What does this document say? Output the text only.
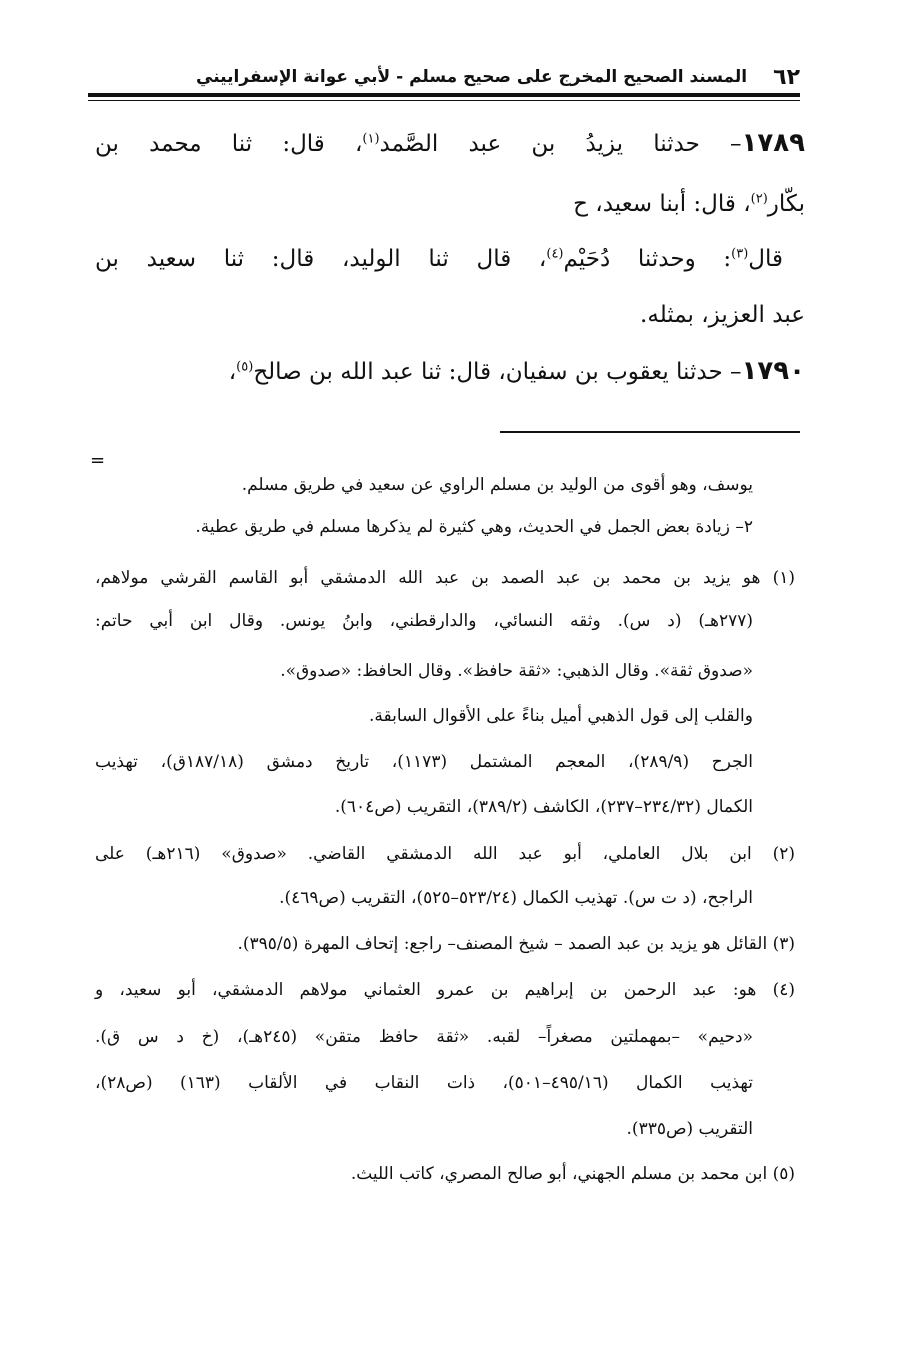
٦٢
المسند الصحيح المخرج على صحيح مسلم - لأبي عوانة الإسفراييني
١٧٨٩– حدثنا يزيدُ بن عبد الصَّمد$^{(١)}$، قال: ثنا محمد بن
بكّار$^{(٢)}$، قال: أبنا سعيد، ح
قال$^{(٣)}$: وحدثنا دُحَيْم$^{(٤)}$، قال ثنا الوليد، قال: ثنا سعيد بن
عبد العزيز، بمثله.
١٧٩٠– حدثنا يعقوب بن سفيان، قال: ثنا عبد الله بن صالح$^{(٥)}$،
=
يوسف، وهو أقوى من الوليد بن مسلم الراوي عن سعيد في طريق مسلم.
٢– زيادة بعض الجمل في الحديث، وهي كثيرة لم يذكرها مسلم في طريق عطية.
(١) هو يزيد بن محمد بن عبد الصمد بن عبد الله الدمشقي أبو القاسم القرشي مولاهم،
(٢٧٧هـ) (د س). وثقه النسائي، والدارقطني، وابنُ يونس. وقال ابن أبي حاتم:
«صدوق ثقة». وقال الذهبي: «ثقة حافظ». وقال الحافظ: «صدوق».
والقلب إلى قول الذهبي أميل بناءً على الأقوال السابقة.
الجرح (٢٨٩/٩)، المعجم المشتمل (١١٧٣)، تاريخ دمشق (١٨٧/١٨ق)، تهذيب
الكمال (٢٣٤/٣٢–٢٣٧)، الكاشف (٣٨٩/٢)، التقريب (ص٦٠٤).
(٢) ابن بلال العاملي، أبو عبد الله الدمشقي القاضي. «صدوق» (٢١٦هـ) على
الراجح، (د ت س). تهذيب الكمال (٥٢٣/٢٤–٥٢٥)، التقريب (ص٤٦٩).
(٣) القائل هو يزيد بن عبد الصمد – شيخ المصنف– راجع: إتحاف المهرة (٣٩٥/٥).
(٤) هو: عبد الرحمن بن إبراهيم بن عمرو العثماني مولاهم الدمشقي، أبو سعيد، و
«دحيم» –بمهملتين مصغراً– لقبه. «ثقة حافظ متقن» (٢٤٥هـ)، (خ د س ق).
تهذيب الكمال (٤٩٥/١٦–٥٠١)، ذات النقاب في الألقاب (١٦٣) (ص٢٨)،
التقريب (ص٣٣٥).
(٥) ابن محمد بن مسلم الجهني، أبو صالح المصري، كاتب الليث.
